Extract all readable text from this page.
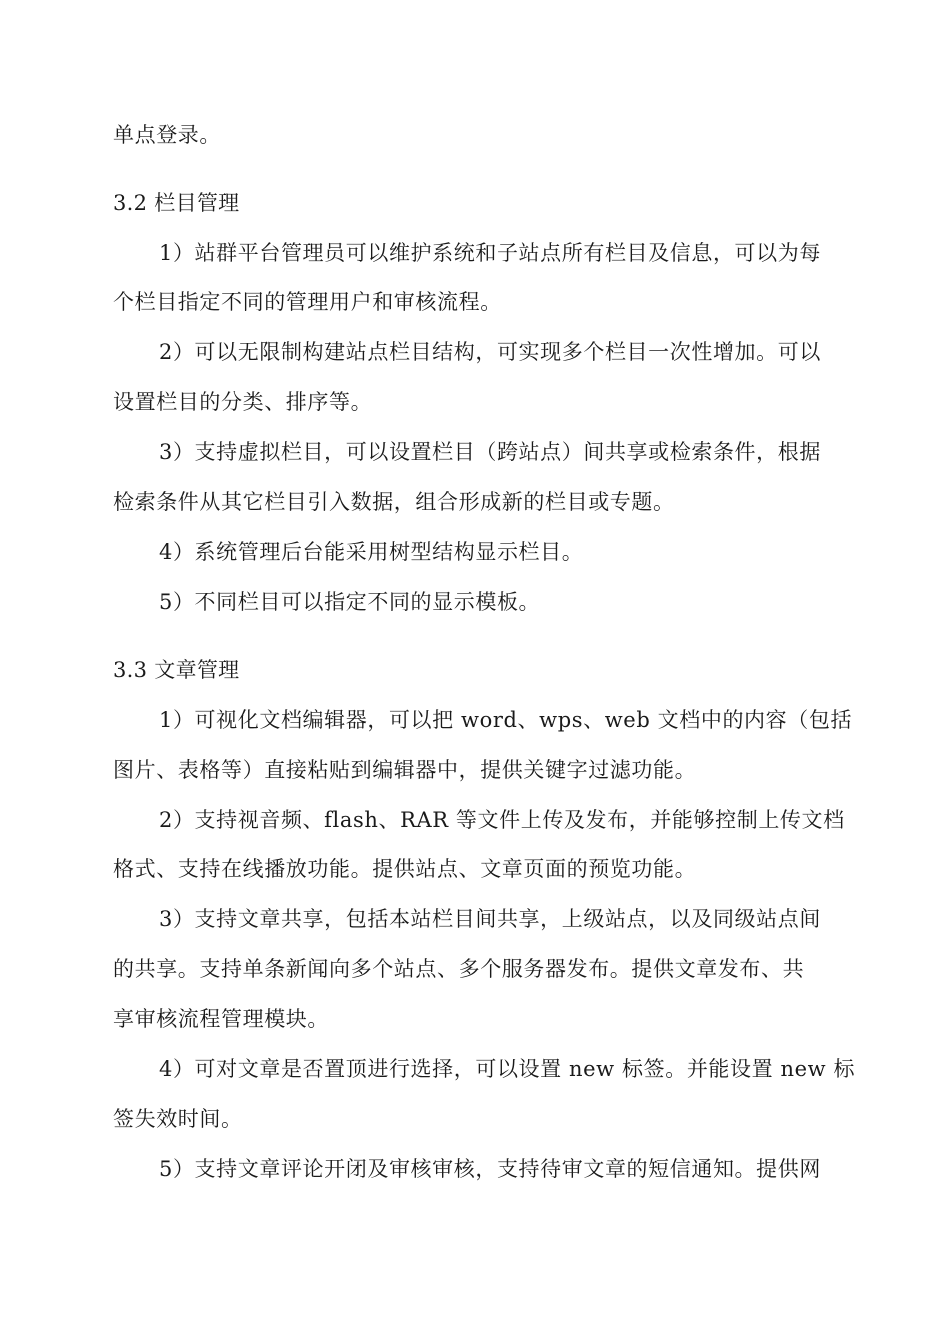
单点登录。
3.2 栏目管理
1）站群平台管理员可以维护系统和子站点所有栏目及信息，可以为每
个栏目指定不同的管理用户和审核流程。
2）可以无限制构建站点栏目结构，可实现多个栏目一次性增加。可以
设置栏目的分类、排序等。
3）支持虚拟栏目，可以设置栏目（跨站点）间共享或检索条件，根据
检索条件从其它栏目引入数据，组合形成新的栏目或专题。
4）系统管理后台能采用树型结构显示栏目。
5）不同栏目可以指定不同的显示模板。
3.3 文章管理
1）可视化文档编辑器，可以把 word、wps、web 文档中的内容（包括
图片、表格等）直接粘贴到编辑器中，提供关键字过滤功能。
2）支持视音频、flash、RAR 等文件上传及发布，并能够控制上传文档
格式、支持在线播放功能。提供站点、文章页面的预览功能。
3）支持文章共享，包括本站栏目间共享，上级站点，以及同级站点间
的共享。支持单条新闻向多个站点、多个服务器发布。提供文章发布、共
享审核流程管理模块。
4）可对文章是否置顶进行选择，可以设置 new 标签。并能设置 new 标
签失效时间。
5）支持文章评论开闭及审核审核，支持待审文章的短信通知。提供网
